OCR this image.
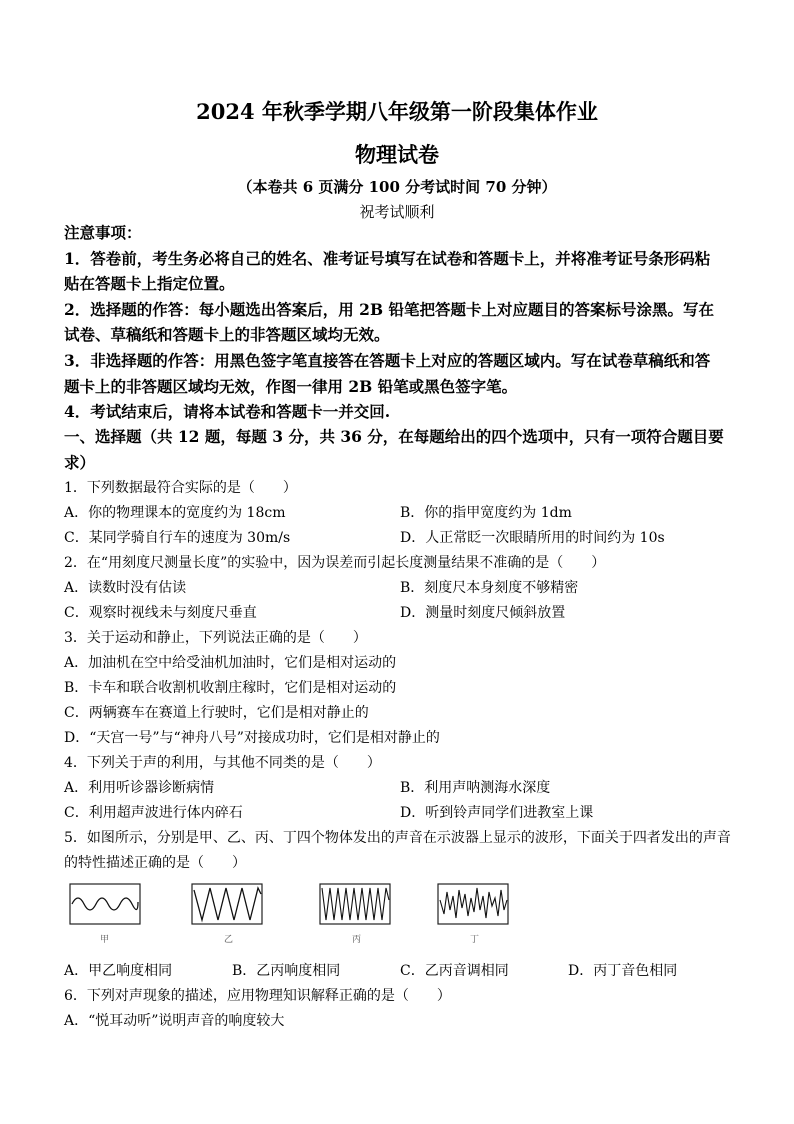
2024 年秋季学期八年级第一阶段集体作业
物理试卷
（本卷共 6 页满分 100 分考试时间 70 分钟）
祝考试顺利
注意事项：
1．答卷前，考生务必将自己的姓名、准考证号填写在试卷和答题卡上，并将准考证号条形码粘
贴在答题卡上指定位置。
2．选择题的作答：每小题选出答案后，用 2B 铅笔把答题卡上对应题目的答案标号涂黑。写在
试卷、草稿纸和答题卡上的非答题区域均无效。
3．非选择题的作答：用黑色签字笔直接答在答题卡上对应的答题区域内。写在试卷草稿纸和答
题卡上的非答题区域均无效，作图一律用 2B 铅笔或黑色签字笔。
4．考试结束后，请将本试卷和答题卡一并交回.
一、选择题（共 12 题，每题 3 分，共 36 分，在每题给出的四个选项中，只有一项符合题目要
求）
1．下列数据最符合实际的是（　　）
A．你的物理课本的宽度约为 18cm	B．你的指甲宽度约为 1dm
C．某同学骑自行车的速度为 30m/s	D．人正常眨一次眼睛所用的时间约为 10s
2．在“用刻度尺测量长度”的实验中，因为误差而引起长度测量结果不准确的是（　　）
A．读数时没有估读	B．刻度尺本身刻度不够精密
C．观察时视线未与刻度尺垂直	D．测量时刻度尺倾斜放置
3．关于运动和静止，下列说法正确的是（　　）
A．加油机在空中给受油机加油时，它们是相对运动的
B．卡车和联合收割机收割庄稼时，它们是相对运动的
C．两辆赛车在赛道上行驶时，它们是相对静止的
D．“天宫一号”与“神舟八号”对接成功时，它们是相对静止的
4．下列关于声的利用，与其他不同类的是（　　）
A．利用听诊器诊断病情	B．利用声呐测海水深度
C．利用超声波进行体内碎石	D．听到铃声同学们进教室上课
5．如图所示，分别是甲、乙、丙、丁四个物体发出的声音在示波器上显示的波形，下面关于四者发出的声音
的特性描述正确的是（　　）
甲	乙	丙	丁
A．甲乙响度相同	B．乙丙响度相同	C．乙丙音调相同	D．丙丁音色相同
6．下列对声现象的描述，应用物理知识解释正确的是（　　）
A．“悦耳动听”说明声音的响度较大
